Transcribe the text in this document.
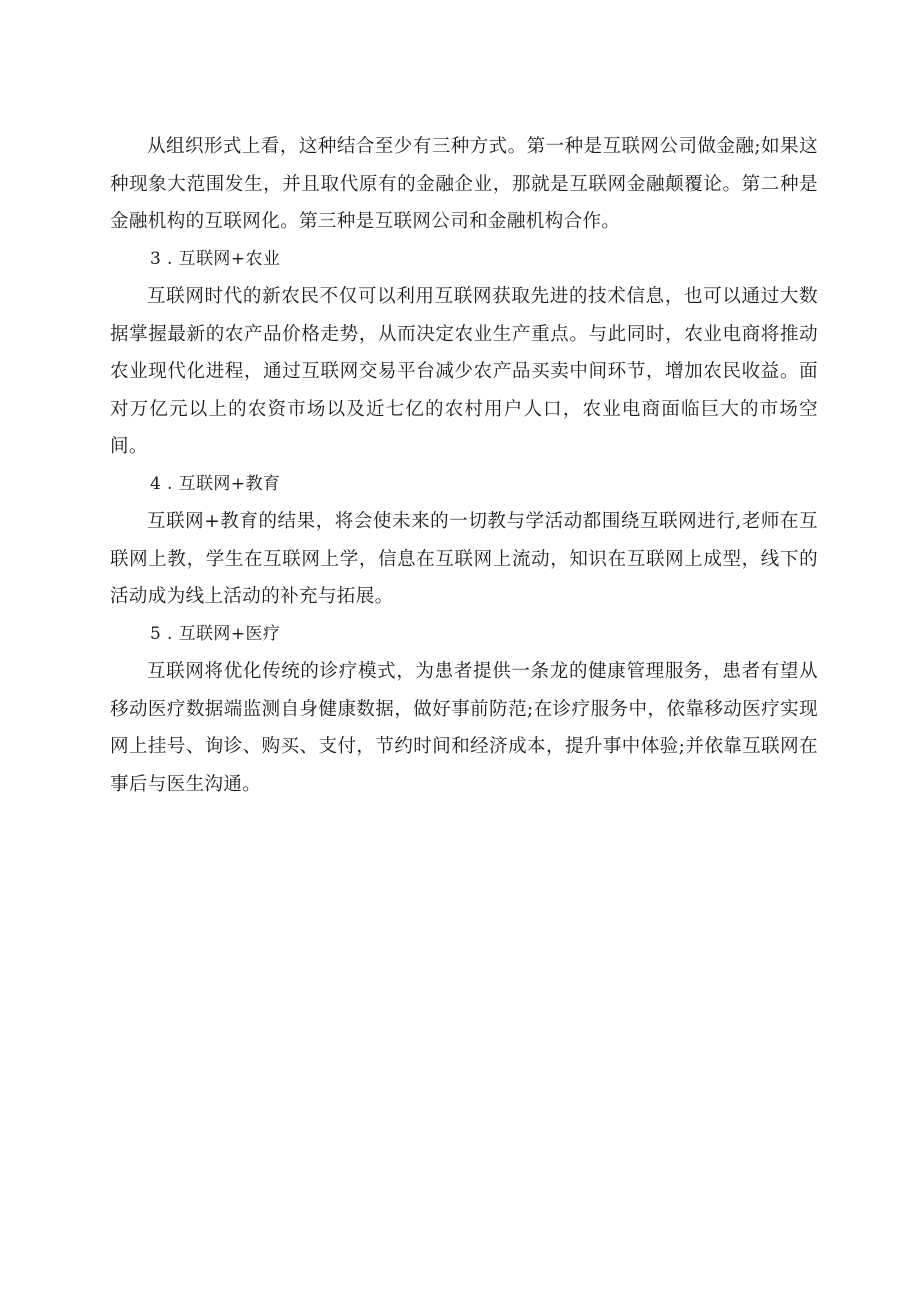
从组织形式上看，这种结合至少有三种方式。第一种是互联网公司做金融;如果这种现象大范围发生，并且取代原有的金融企业，那就是互联网金融颠覆论。第二种是金融机构的互联网化。第三种是互联网公司和金融机构合作。

3 . 互联网+农业

互联网时代的新农民不仅可以利用互联网获取先进的技术信息，也可以通过大数据掌握最新的农产品价格走势，从而决定农业生产重点。与此同时，农业电商将推动农业现代化进程，通过互联网交易平台减少农产品买卖中间环节，增加农民收益。面对万亿元以上的农资市场以及近七亿的农村用户人口，农业电商面临巨大的市场空间。

4 . 互联网+教育

互联网+教育的结果，将会使未来的一切教与学活动都围绕互联网进行,老师在互联网上教，学生在互联网上学，信息在互联网上流动，知识在互联网上成型，线下的活动成为线上活动的补充与拓展。

5 . 互联网+医疗

互联网将优化传统的诊疗模式，为患者提供一条龙的健康管理服务，患者有望从移动医疗数据端监测自身健康数据，做好事前防范;在诊疗服务中，依靠移动医疗实现网上挂号、询诊、购买、支付，节约时间和经济成本，提升事中体验;并依靠互联网在事后与医生沟通。
